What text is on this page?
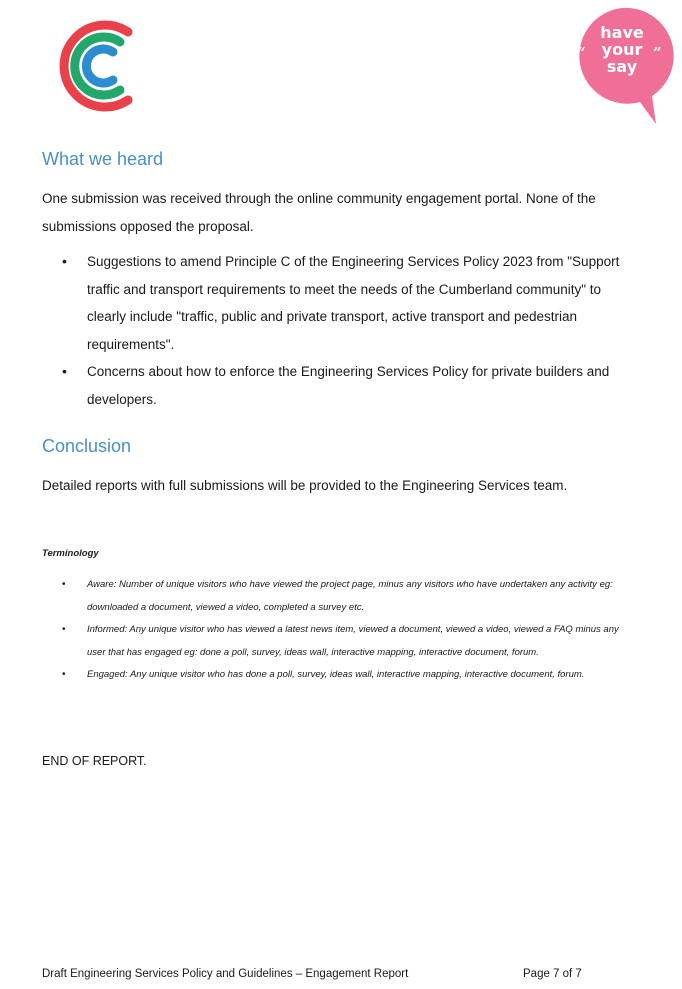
“	”
have
your
say
What we heard

One submission was received through the online community engagement portal. None of the submissions opposed the proposal.

• Suggestions to amend Principle C of the Engineering Services Policy 2023 from "Support traffic and transport requirements to meet the needs of the Cumberland community" to clearly include "traffic, public and private transport, active transport and pedestrian requirements".
• Concerns about how to enforce the Engineering Services Policy for private builders and developers.
Conclusion

Detailed reports with full submissions will be provided to the Engineering Services team.

Terminology
• Aware: Number of unique visitors who have viewed the project page, minus any visitors who have undertaken any activity eg: downloaded a document, viewed a video, completed a survey etc.
• Informed: Any unique visitor who has viewed a latest news item, viewed a document, viewed a video, viewed a FAQ minus any user that has engaged eg: done a poll, survey, ideas wall, interactive mapping, interactive document, forum.
• Engaged: Any unique visitor who has done a poll, survey, ideas wall, interactive mapping, interactive document, forum.
END OF REPORT.
Draft Engineering Services Policy and Guidelines – Engagement Report	Page 7 of 7
